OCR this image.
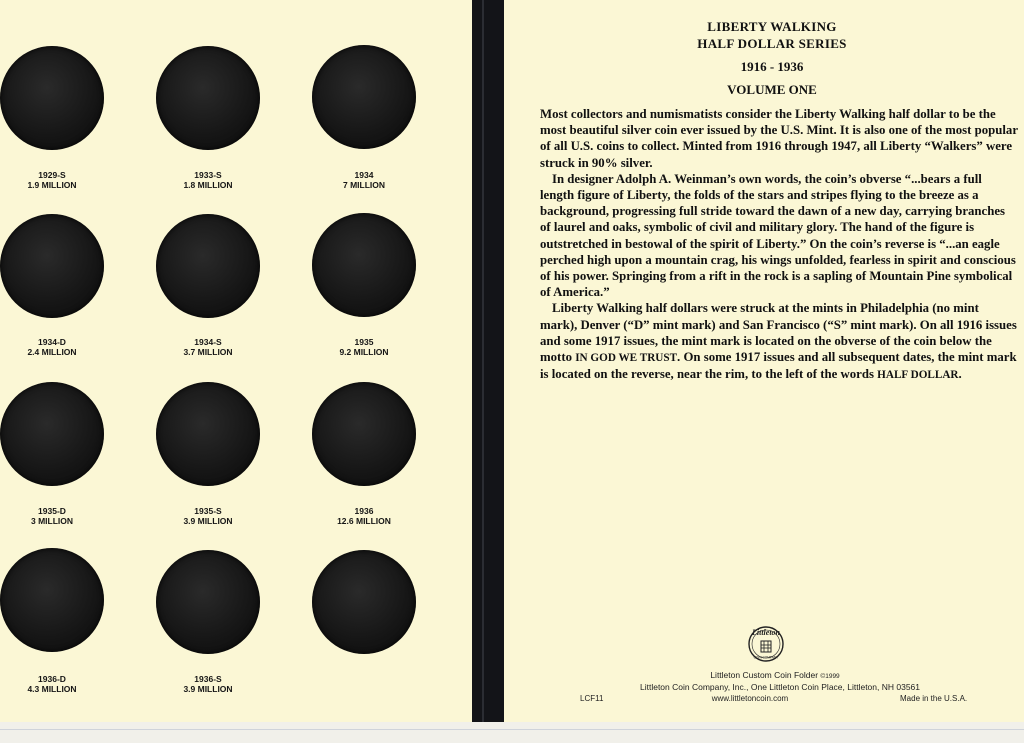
1929-S
1.9 MILLION
1933-S
1.8 MILLION
1934
7 MILLION
1934-D
2.4 MILLION
1934-S
3.7 MILLION
1935
9.2 MILLION
1935-D
3 MILLION
1935-S
3.9 MILLION
1936
12.6 MILLION
1936-D
4.3 MILLION
1936-S
3.9 MILLION
LIBERTY WALKING
HALF DOLLAR SERIES
1916 - 1936
VOLUME ONE

Most collectors and numismatists consider the Liberty Walking half dollar to be the most beautiful silver coin ever issued by the U.S. Mint. It is also one of the most popular of all U.S. coins to collect. Minted from 1916 through 1947, all Liberty “Walkers” were struck in 90% silver.

In designer Adolph A. Weinman’s own words, the coin’s obverse “...bears a full length figure of Liberty, the folds of the stars and stripes flying to the breeze as a background, progressing full stride toward the dawn of a new day, carrying branches of laurel and oaks, symbolic of civil and military glory. The hand of the figure is outstretched in bestowal of the spirit of Liberty.” On the coin’s reverse is “...an eagle perched high upon a mountain crag, his wings unfolded, fearless in spirit and conscious of his power. Springing from a rift in the rock is a sapling of Mountain Pine symbolical of America.”

Liberty Walking half dollars were struck at the mints in Philadelphia (no mint mark), Denver (“D” mint mark) and San Francisco (“S” mint mark). On all 1916 issues and some 1917 issues, the mint mark is located on the obverse of the coin below the motto IN GOD WE TRUST. On some 1917 issues and all subsequent dates, the mint mark is located on the reverse, near the rim, to the left of the words HALF DOLLAR.

Littleton
COIN COMPANY
Littleton Custom Coin Folder ©1999
Littleton Coin Company, Inc., One Littleton Coin Place, Littleton, NH 03561
LCF11	www.littletoncoin.com	Made in the U.S.A.
